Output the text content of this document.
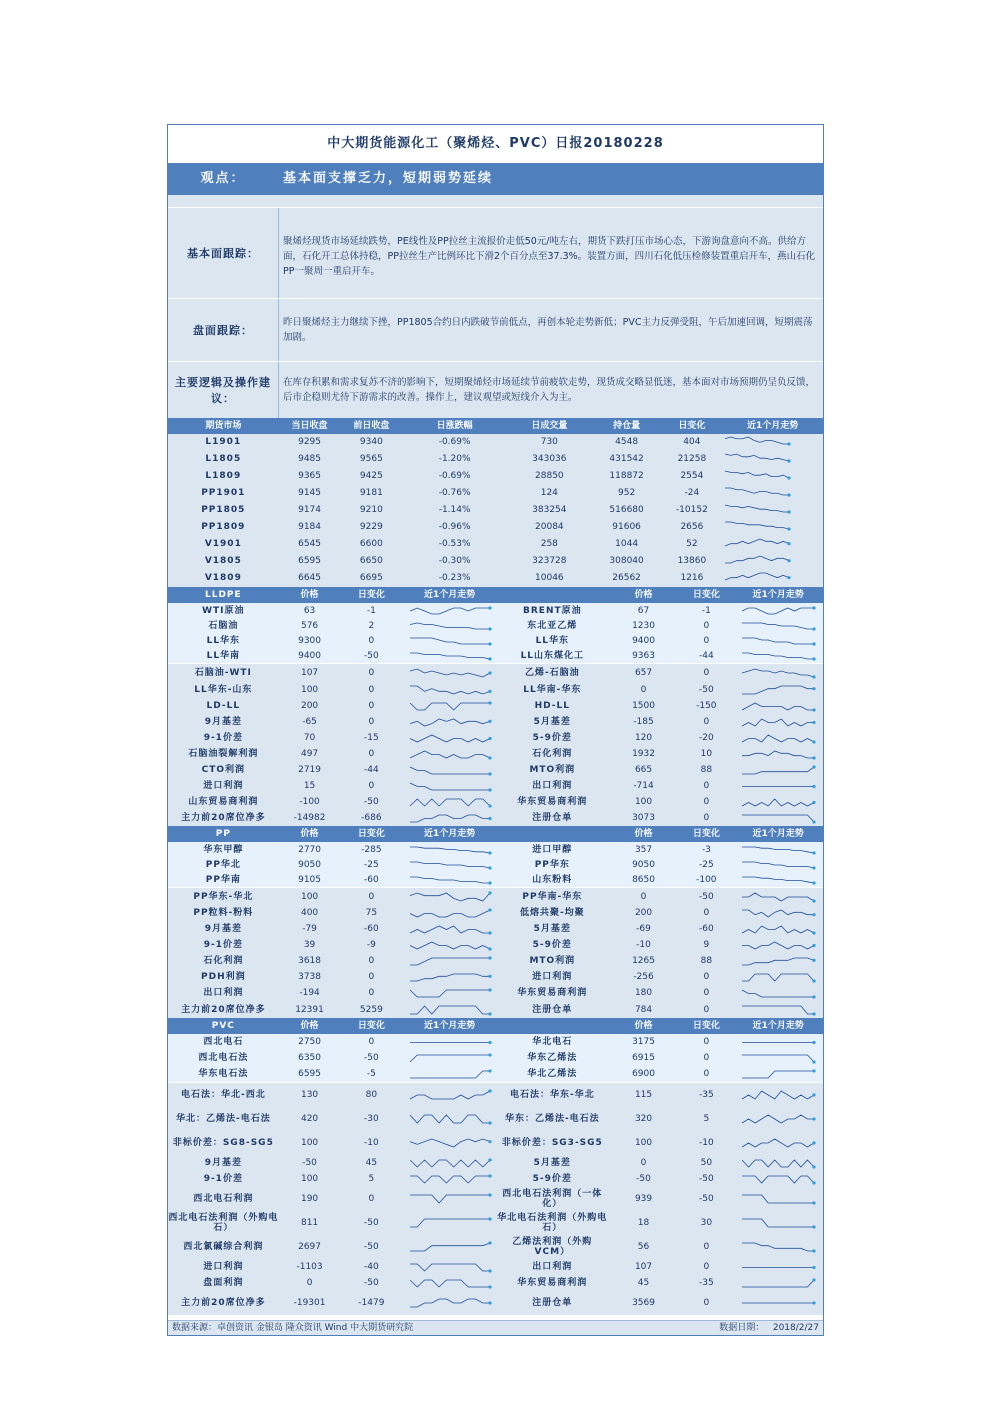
中大期货能源化工（聚烯烃、PVC）日报20180228
观点：	基本面支撑乏力，短期弱势延续
基本面跟踪：
聚烯烃现货市场延续跌势，PE线性及PP拉丝主流报价走低50元/吨左右，期货下跌打压市场心态，下游询盘意向不高。供给方面，石化开工总体持稳，PP拉丝生产比例环比下滑2个百分点至37.3%。装置方面，四川石化低压检修装置重启开车，燕山石化PP一聚周一重启开车。
盘面跟踪：
昨日聚烯烃主力继续下挫，PP1805合约日内跌破节前低点，再创本轮走势新低；PVC主力反弹受阻，午后加速回调，短期震荡加剧。
主要逻辑及操作建议：
在库存积累和需求复苏不济的影响下，短期聚烯烃市场延续节前疲软走势，现货成交略显低迷，基本面对市场预期仍呈负反馈，后市企稳则尤待下游需求的改善。操作上，建议观望或短线介入为主。
期货市场	当日收盘	前日收盘	日涨跌幅	日成交量	持仓量	日变化	近1个月走势
L1901	9295	9340	-0.69%	730	4548	404
L1805	9485	9565	-1.20%	343036	431542	21258
L1809	9365	9425	-0.69%	28850	118872	2554
PP1901	9145	9181	-0.76%	124	952	-24
PP1805	9174	9210	-1.14%	383254	516680	-10152
PP1809	9184	9229	-0.96%	20084	91606	2656
V1901	6545	6600	-0.53%	258	1044	52
V1805	6595	6650	-0.30%	323728	308040	13860
V1809	6645	6695	-0.23%	10046	26562	1216
LLDPE	价格	日变化	近1个月走势	价格	日变化	近1个月走势
WTI原油	63	-1	BRENT原油	67	-1
石脑油	576	2	东北亚乙烯	1230	0
LL华东	9300	0	LL华东	9400	0
LL华南	9400	-50	LL山东煤化工	9363	-44
石脑油-WTI	107	0	乙烯-石脑油	657	0
LL华东-山东	100	0	LL华南-华东	0	-50
LD-LL	200	0	HD-LL	1500	-150
9月基差	-65	0	5月基差	-185	0
9-1价差	70	-15	5-9价差	120	-20
石脑油裂解利润	497	0	石化利润	1932	10
CTO利润	2719	-44	MTO利润	665	88
进口利润	15	0	出口利润	-714	0
山东贸易商利润	-100	-50	华东贸易商利润	100	0
主力前20席位净多	-14982	-686	注册仓单	3073	0
PP	价格	日变化	近1个月走势	价格	日变化	近1个月走势
华东甲醇	2770	-285	进口甲醇	357	-3
PP华北	9050	-25	PP华东	9050	-25
PP华南	9105	-60	山东粉料	8650	-100
PP华东-华北	100	0	PP华南-华东	0	-50
PP粒料-粉料	400	75	低熔共聚-均聚	200	0
9月基差	-79	-60	5月基差	-69	-60
9-1价差	39	-9	5-9价差	-10	9
石化利润	3618	0	MTO利润	1265	88
PDH利润	3738	0	进口利润	-256	0
出口利润	-194	0	华东贸易商利润	180	0
主力前20席位净多	12391	5259	注册仓单	784	0
PVC	价格	日变化	近1个月走势	价格	日变化	近1个月走势
西北电石	2750	0	华北电石	3175	0
西北电石法	6350	-50	华东乙烯法	6915	0
华东电石法	6595	-5	华北乙烯法	6900	0
电石法：华北-西北	130	80	电石法：华东-华北	115	-35
华北：乙烯法-电石法	420	-30	华东：乙烯法-电石法	320	5
非标价差：SG8-SG5	100	-10	非标价差：SG3-SG5	100	-10
9月基差	-50	45	5月基差	0	50
9-1价差	100	5	5-9价差	-50	-50
西北电石利润	190	0	西北电石法利润（一体化）	939	-50
西北电石法利润（外购电石）	811	-50	华北电石法利润（外购电石）	18	30
西北氯碱综合利润	2697	-50	乙烯法利润（外购VCM）	56	0
进口利润	-1103	-40	出口利润	107	0
盘面利润	0	-50	华东贸易商利润	45	-35
主力前20席位净多	-19301	-1479	注册仓单	3569	0
数据来源：卓创资讯 金银岛 隆众资讯 Wind 中大期货研究院	数据日期： 2018/2/27
